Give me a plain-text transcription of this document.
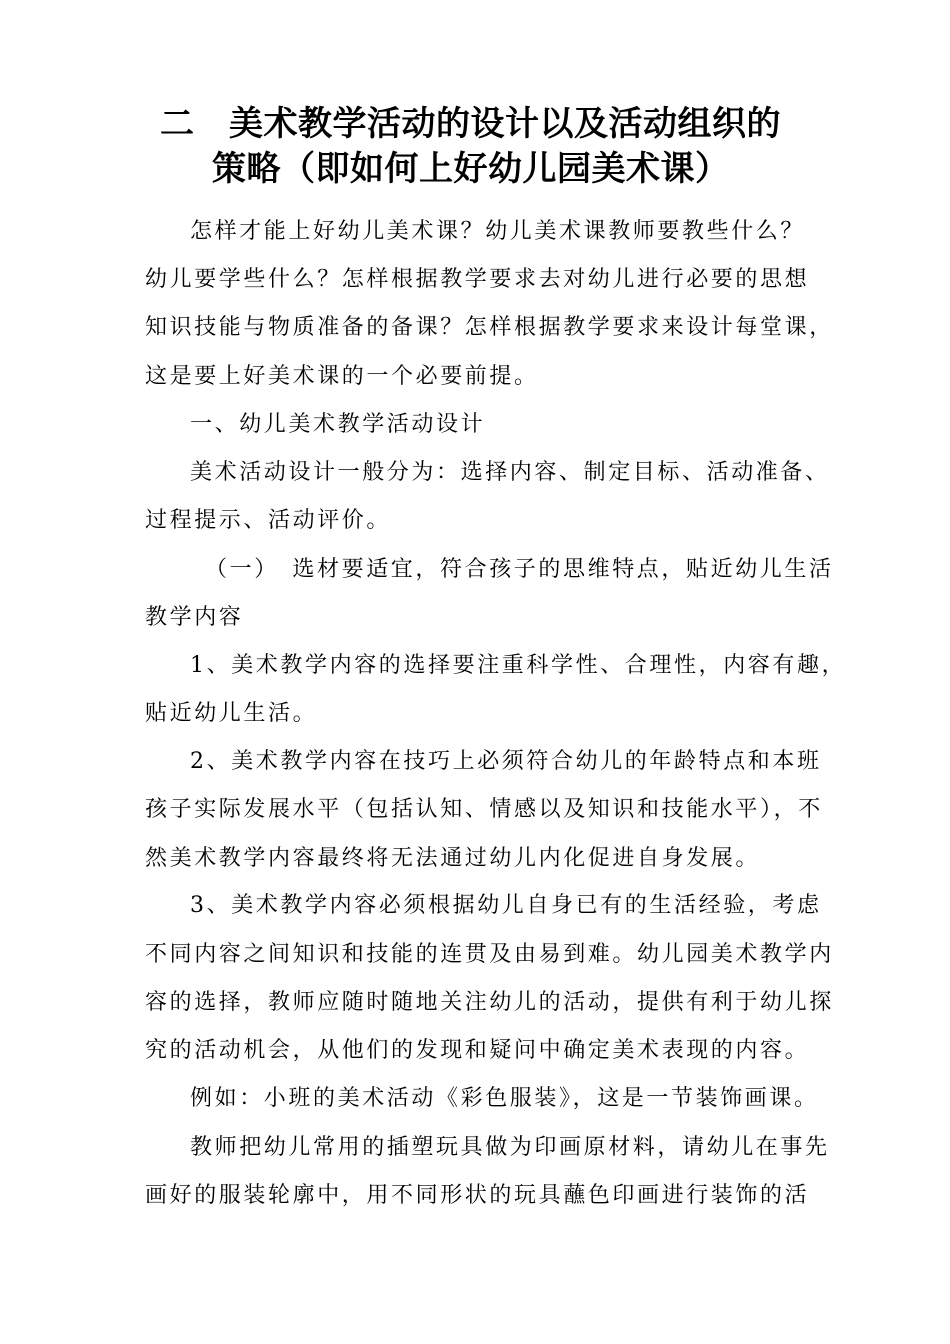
二　美术教学活动的设计以及活动组织的
策略（即如何上好幼儿园美术课）
怎样才能上好幼儿美术课？幼儿美术课教师要教些什么？
幼儿要学些什么？怎样根据教学要求去对幼儿进行必要的思想
知识技能与物质准备的备课？怎样根据教学要求来设计每堂课，
这是要上好美术课的一个必要前提。
一、幼儿美术教学活动设计
美术活动设计一般分为：选择内容、制定目标、活动准备、
过程提示、活动评价。
（一）　选材要适宜，符合孩子的思维特点，贴近幼儿生活
教学内容
1、美术教学内容的选择要注重科学性、合理性，内容有趣，
贴近幼儿生活。
2、美术教学内容在技巧上必须符合幼儿的年龄特点和本班
孩子实际发展水平（包括认知、情感以及知识和技能水平），不
然美术教学内容最终将无法通过幼儿内化促进自身发展。
3、美术教学内容必须根据幼儿自身已有的生活经验，考虑
不同内容之间知识和技能的连贯及由易到难。幼儿园美术教学内
容的选择，教师应随时随地关注幼儿的活动，提供有利于幼儿探
究的活动机会，从他们的发现和疑问中确定美术表现的内容。
例如：小班的美术活动《彩色服装》，这是一节装饰画课。
教师把幼儿常用的插塑玩具做为印画原材料，请幼儿在事先
画好的服装轮廓中，用不同形状的玩具蘸色印画进行装饰的活
